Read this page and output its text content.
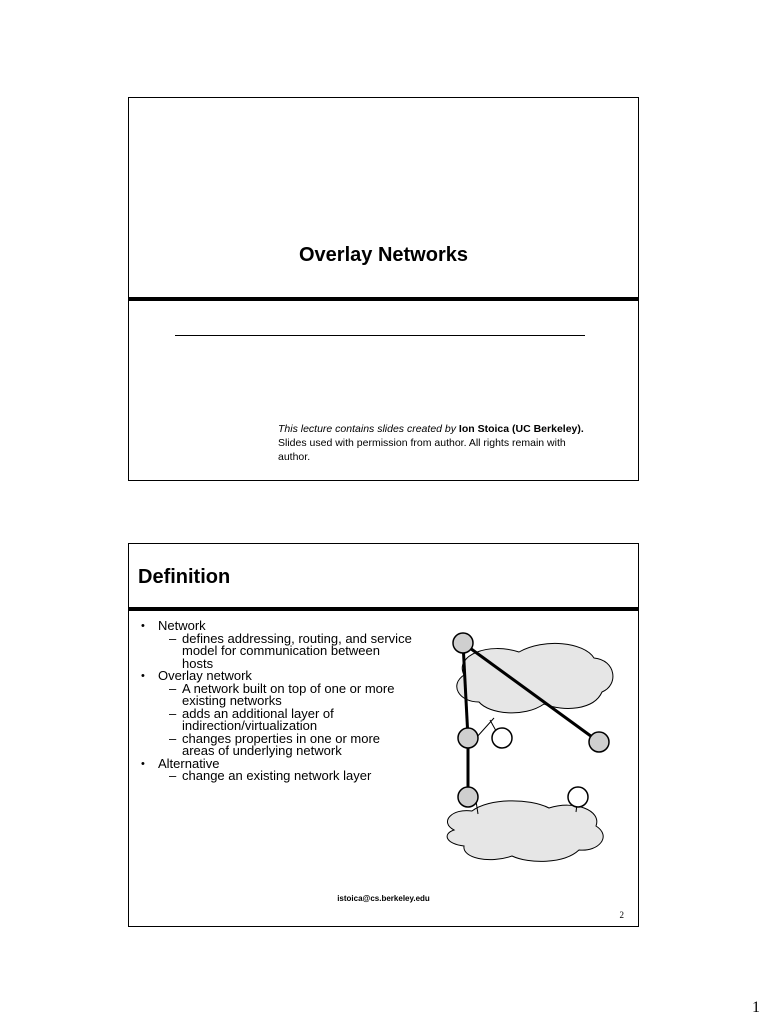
Overlay Networks
This lecture contains slides created by Ion Stoica (UC Berkeley).
Slides used with permission from author. All rights remain with
author.
Definition
• Network
– defines addressing, routing, and service
model for communication between
hosts
• Overlay network
– A network built on top of one or more
existing networks
– adds an additional layer of
indirection/virtualization
– changes properties in one or more
areas of underlying network
• Alternative
– change an existing network layer
istoica@cs.berkeley.edu
2
1
